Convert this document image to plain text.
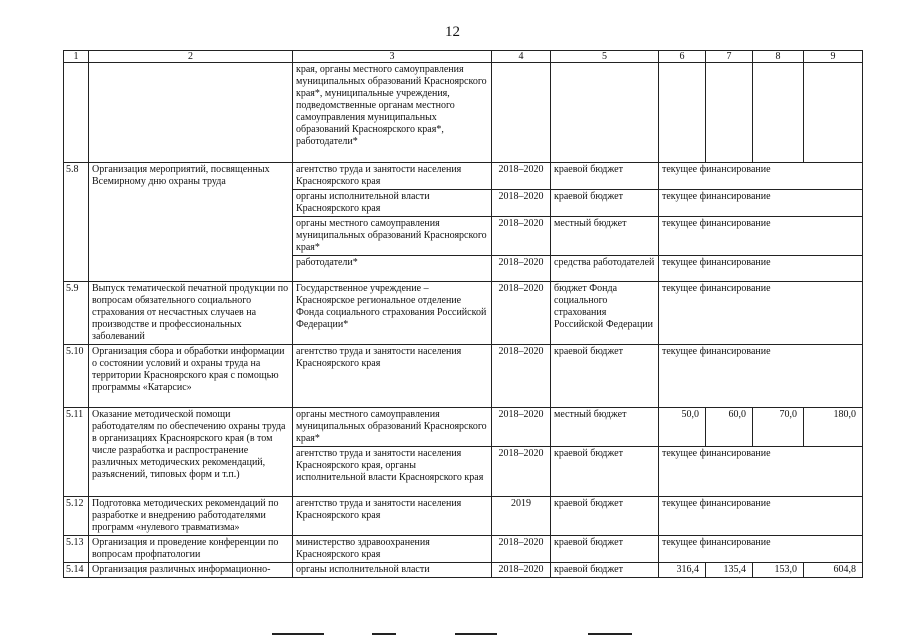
12
1	2	3	4	5	6	7	8	9
		края, органы местного самоуправления муниципальных образований Красноярского края*, муниципальные учреждения, подведомственные органам местного самоуправления муниципальных образований Красноярского края*, работодатели*						
5.8	Организация мероприятий, посвященных Всемирному дню охраны труда	агентство труда и занятости населения Красноярского края	2018–2020	краевой бюджет	текущее финансирование			
		органы исполнительной власти Красноярского края	2018–2020	краевой бюджет	текущее финансирование			
		органы местного самоуправления муниципальных образований Красноярского края*	2018–2020	местный бюджет	текущее финансирование			
		работодатели*	2018–2020	средства работодателей	текущее финансирование			
5.9	Выпуск тематической печатной продукции по вопросам обязательного социального страхования от несчастных случаев на производстве и профессиональных заболеваний	Государственное учреждение – Красноярское региональное отделение Фонда социального страхования Российской Федерации*	2018–2020	бюджет Фонда социального страхования Российской Федерации	текущее финансирование			
5.10	Организация сбора и обработки информации о состоянии условий и охраны труда на территории Красноярского края с помощью программы «Катарсис»	агентство труда и занятости населения Красноярского края	2018–2020	краевой бюджет	текущее финансирование			
5.11	Оказание методической помощи работодателям по обеспечению охраны труда в организациях Красноярского края (в том числе разработка и распространение различных методических рекомендаций, разъяснений, типовых форм и т.п.)	органы местного самоуправления муниципальных образований Красноярского края*	2018–2020	местный бюджет	50,0	60,0	70,0	180,0
		агентство труда и занятости населения Красноярского края, органы исполнительной власти Красноярского края	2018–2020	краевой бюджет	текущее финансирование			
5.12	Подготовка методических рекомендаций по разработке и внедрению работодателями программ «нулевого травматизма»	агентство труда и занятости населения Красноярского края	2019	краевой бюджет	текущее финансирование			
5.13	Организация и проведение конференции по вопросам профпатологии	министерство здравоохранения Красноярского края	2018–2020	краевой бюджет	текущее финансирование			
5.14	Организация различных информационно-	органы исполнительной власти	2018–2020	краевой бюджет	316,4	135,4	153,0	604,8
